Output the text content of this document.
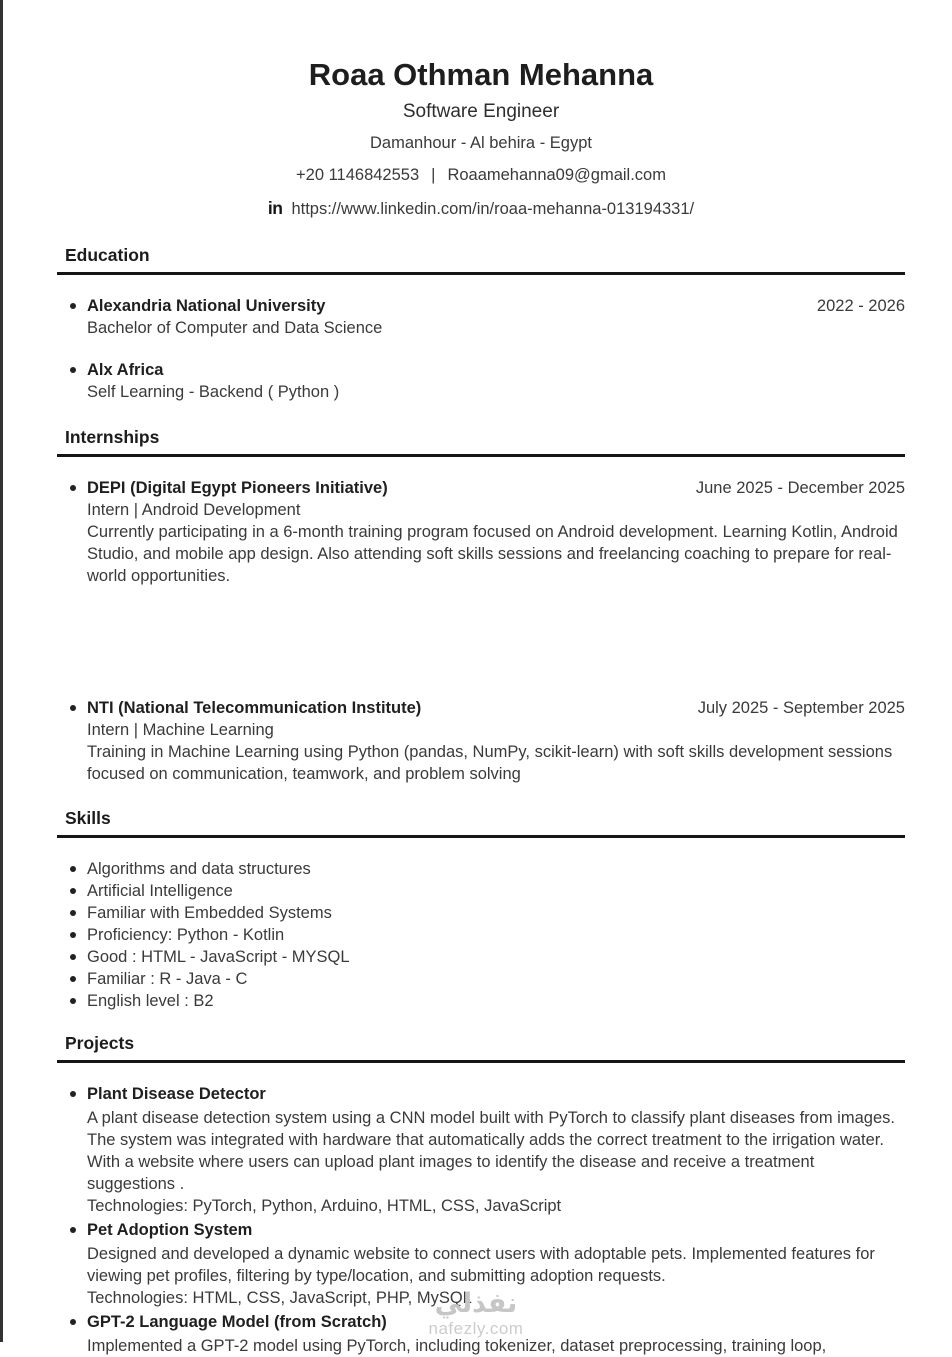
Roaa Othman Mehanna
Software Engineer
Damanhour - Al behira - Egypt
+20 1146842553 | Roaamehanna09@gmail.com
in https://www.linkedin.com/in/roaa-mehanna-013194331/
Education
Alexandria National University	2022 - 2026
Bachelor of Computer and Data Science
Alx Africa
Self Learning - Backend ( Python )
Internships
DEPI (Digital Egypt Pioneers Initiative)	June 2025 - December 2025
Intern | Android Development
Currently participating in a 6-month training program focused on Android development. Learning Kotlin, Android Studio, and mobile app design. Also attending soft skills sessions and freelancing coaching to prepare for real-world opportunities.
NTI (National Telecommunication Institute)	July 2025 - September 2025
Intern | Machine Learning
Training in Machine Learning using Python (pandas, NumPy, scikit-learn) with soft skills development sessions focused on communication, teamwork, and problem solving
Skills
Algorithms and data structures
Artificial Intelligence
Familiar with Embedded Systems
Proficiency: Python - Kotlin
Good : HTML - JavaScript - MYSQL
Familiar : R - Java - C
English level : B2
Projects
Plant Disease Detector
A plant disease detection system using a CNN model built with PyTorch to classify plant diseases from images. The system was integrated with hardware that automatically adds the correct treatment to the irrigation water. With a website where users can upload plant images to identify the disease and receive a treatment suggestions .
Technologies: PyTorch, Python, Arduino, HTML, CSS, JavaScript
Pet Adoption System
Designed and developed a dynamic website to connect users with adoptable pets. Implemented features for viewing pet profiles, filtering by type/location, and submitting adoption requests.
Technologies: HTML, CSS, JavaScript, PHP, MySQL
GPT-2 Language Model (from Scratch)
Implemented a GPT-2 model using PyTorch, including tokenizer, dataset preprocessing, training loop,
نفذلي
nafezly.com
